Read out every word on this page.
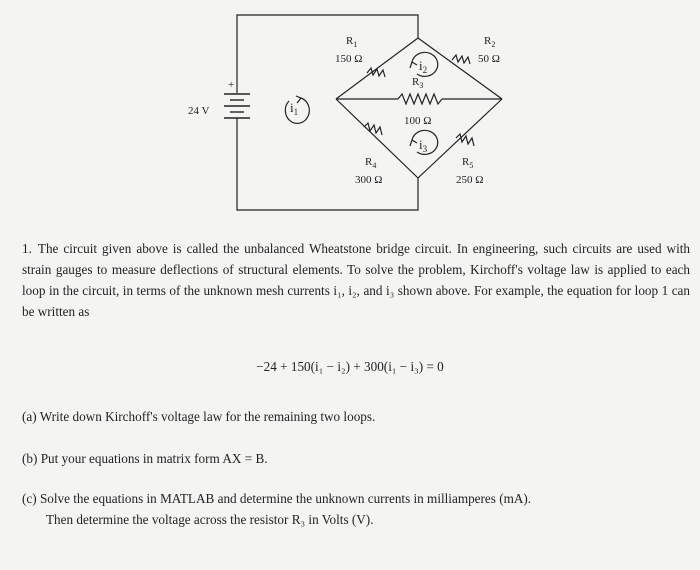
+
24 V
$R_1$
150 Ω
$R_2$
50 Ω
$R_3$
100 Ω
$R_4$
300 Ω
$R_5$
250 Ω
$i_1$
$i_2$
$i_3$

1. The circuit given above is called the unbalanced Wheatstone bridge circuit. In engineering, such circuits are used with strain gauges to measure deflections of structural elements. To solve the problem, Kirchoff's voltage law is applied to each loop in the circuit, in terms of the unknown mesh currents i₁, i₂, and i₃ shown above. For example, the equation for loop 1 can be written as

−24 + 150(i₁ − i₂) + 300(i₁ − i₃) = 0
(a) Write down Kirchoff's voltage law for the remaining two loops.
(b) Put your equations in matrix form AX = B.
(c) Solve the equations in MATLAB and determine the unknown currents in milliamperes (mA).
Then determine the voltage across the resistor R₃ in Volts (V).
